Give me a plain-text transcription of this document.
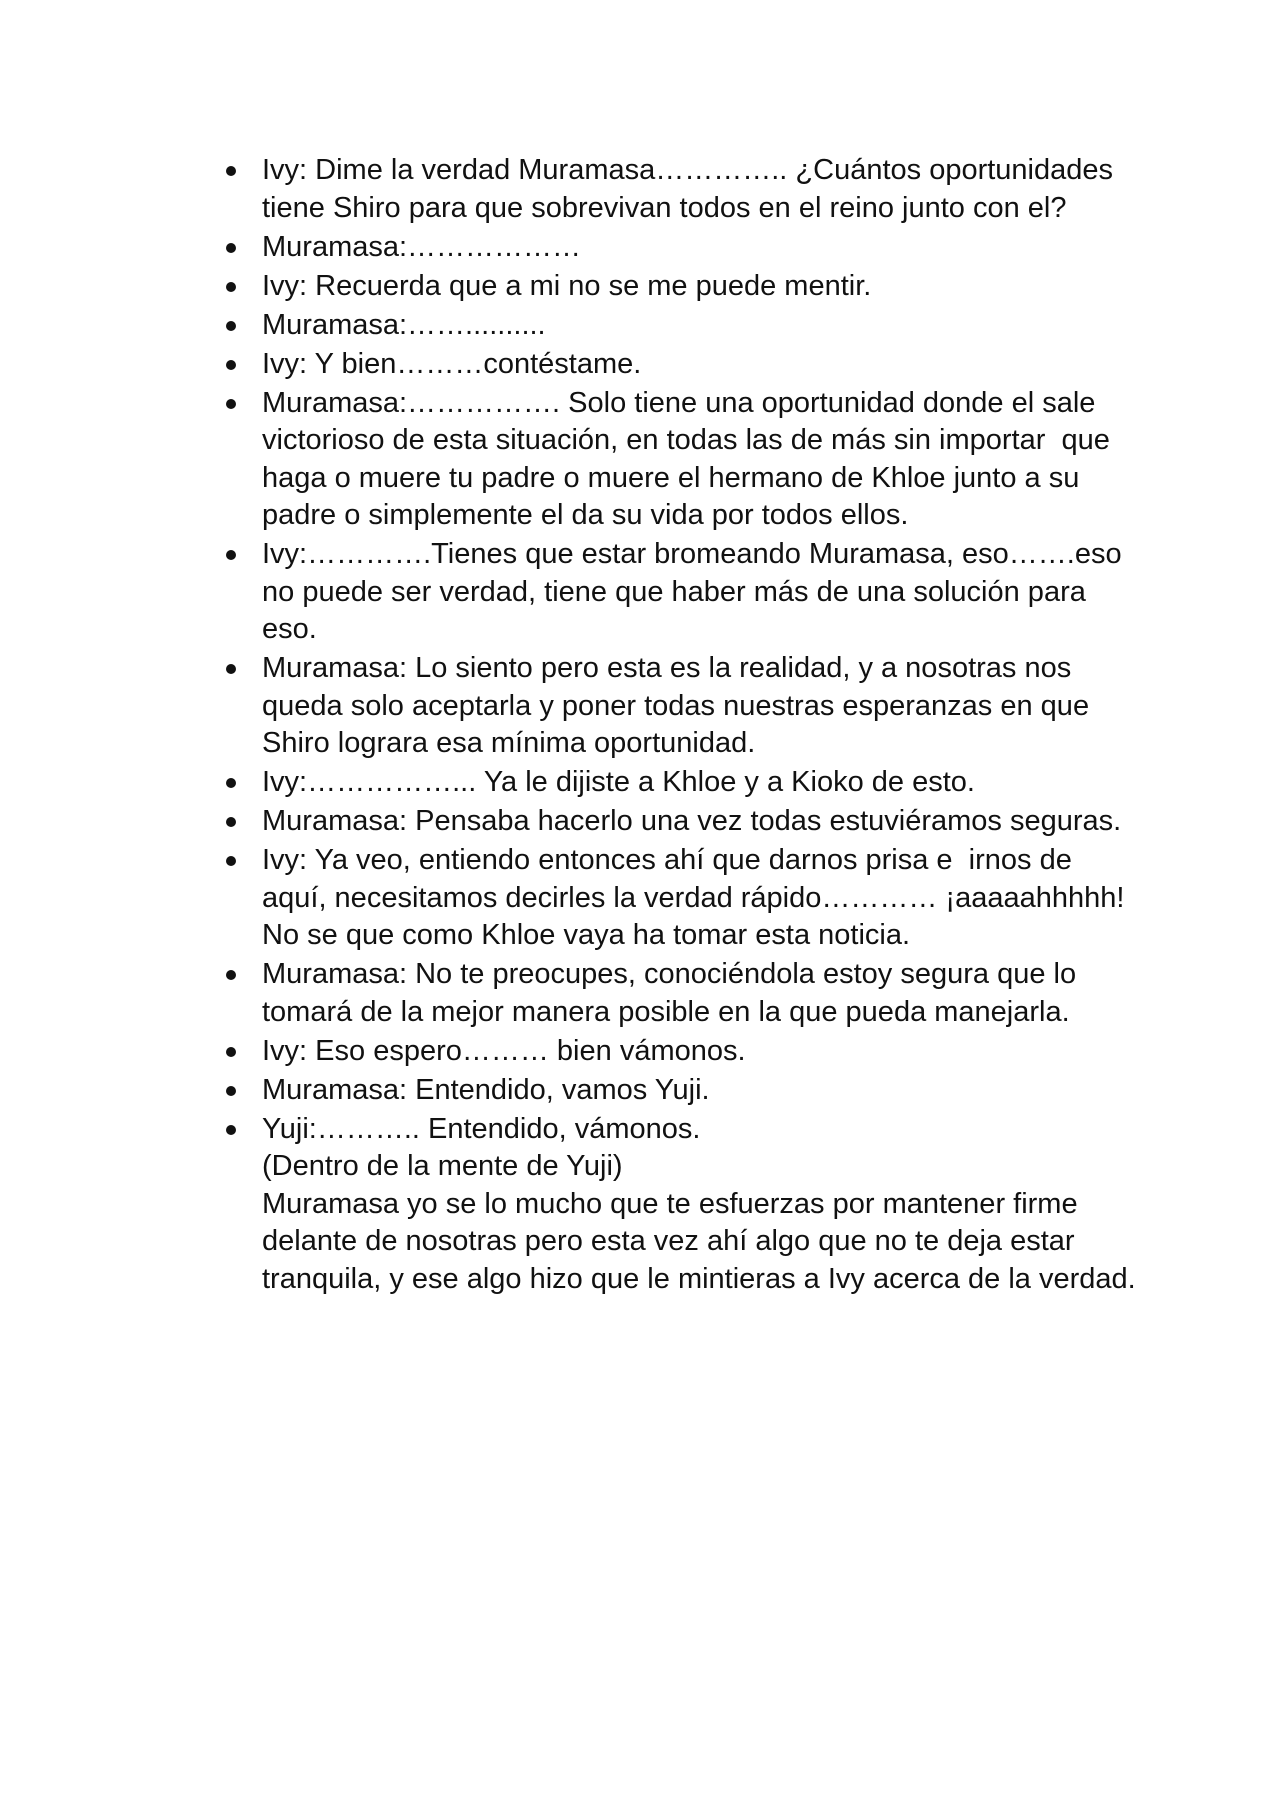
Ivy: Dime la verdad Muramasa………….. ¿Cuántos oportunidades tiene Shiro para que sobrevivan todos en el reino junto con el?
Muramasa:………………
Ivy: Recuerda que a mi no se me puede mentir.
Muramasa:……..........
Ivy: Y bien………contéstame.
Muramasa:……………. Solo tiene una oportunidad donde el sale victorioso de esta situación, en todas las de más sin importar  que haga o muere tu padre o muere el hermano de Khloe junto a su padre o simplemente el da su vida por todos ellos.
Ivy:………….Tienes que estar bromeando Muramasa, eso…….eso no puede ser verdad, tiene que haber más de una solución para eso.
Muramasa: Lo siento pero esta es la realidad, y a nosotras nos queda solo aceptarla y poner todas nuestras esperanzas en que Shiro lograra esa mínima oportunidad.
Ivy:……………... Ya le dijiste a Khloe y a Kioko de esto.
Muramasa: Pensaba hacerlo una vez todas estuviéramos seguras.
Ivy: Ya veo, entiendo entonces ahí que darnos prisa e  irnos de aquí, necesitamos decirles la verdad rápido………… ¡aaaaahhhhh! No se que como Khloe vaya ha tomar esta noticia.
Muramasa: No te preocupes, conociéndola estoy segura que lo tomará de la mejor manera posible en la que pueda manejarla.
Ivy: Eso espero……… bien vámonos.
Muramasa: Entendido, vamos Yuji.
Yuji:……….. Entendido, vámonos.
(Dentro de la mente de Yuji)
Muramasa yo se lo mucho que te esfuerzas por mantener firme delante de nosotras pero esta vez ahí algo que no te deja estar tranquila, y ese algo hizo que le mintieras a Ivy acerca de la verdad.
